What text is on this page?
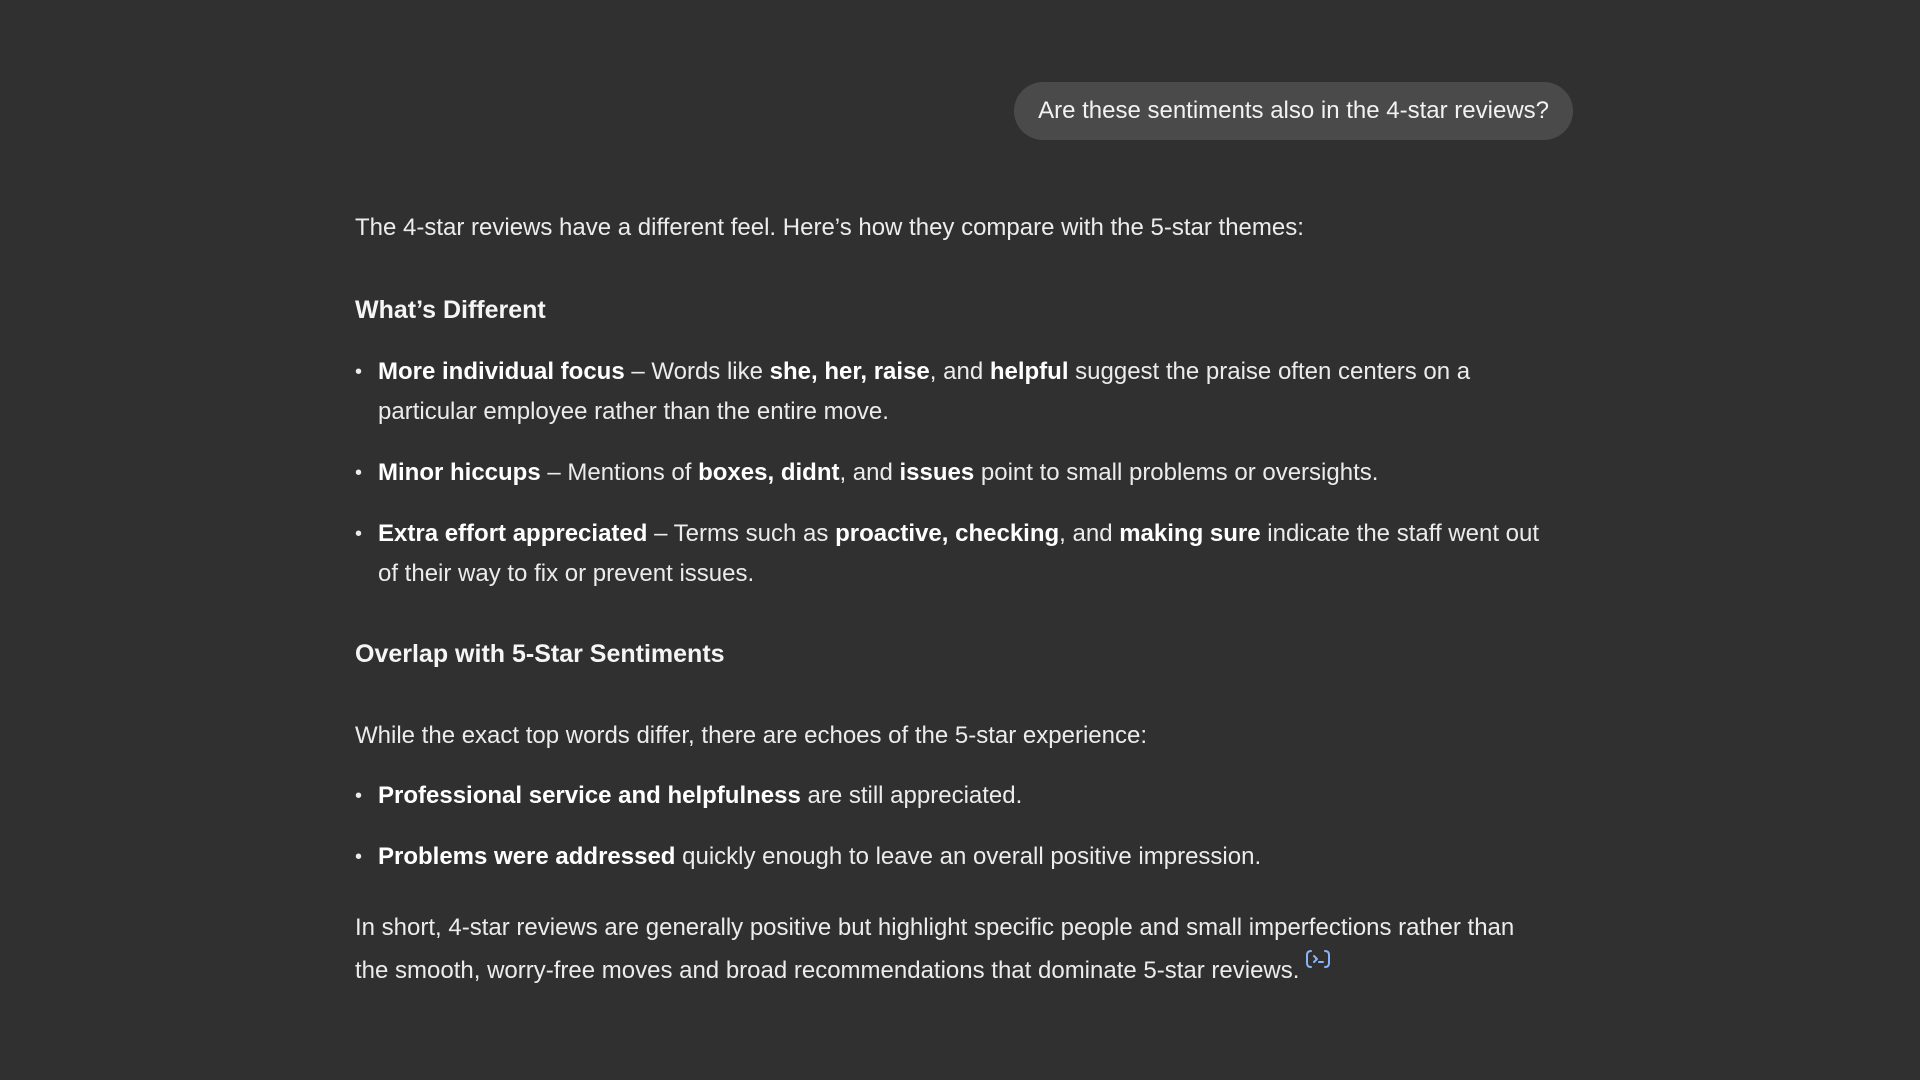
Are these sentiments also in the 4-star reviews?

The 4-star reviews have a different feel. Here’s how they compare with the 5-star themes:

What’s Different

• More individual focus – Words like she, her, raise, and helpful suggest the praise often centers on a particular employee rather than the entire move.
• Minor hiccups – Mentions of boxes, didnt, and issues point to small problems or oversights.
• Extra effort appreciated – Terms such as proactive, checking, and making sure indicate the staff went out of their way to fix or prevent issues.

Overlap with 5-Star Sentiments

While the exact top words differ, there are echoes of the 5-star experience:

• Professional service and helpfulness are still appreciated.
• Problems were addressed quickly enough to leave an overall positive impression.

In short, 4-star reviews are generally positive but highlight specific people and small imperfections rather than the smooth, worry-free moves and broad recommendations that dominate 5-star reviews.
